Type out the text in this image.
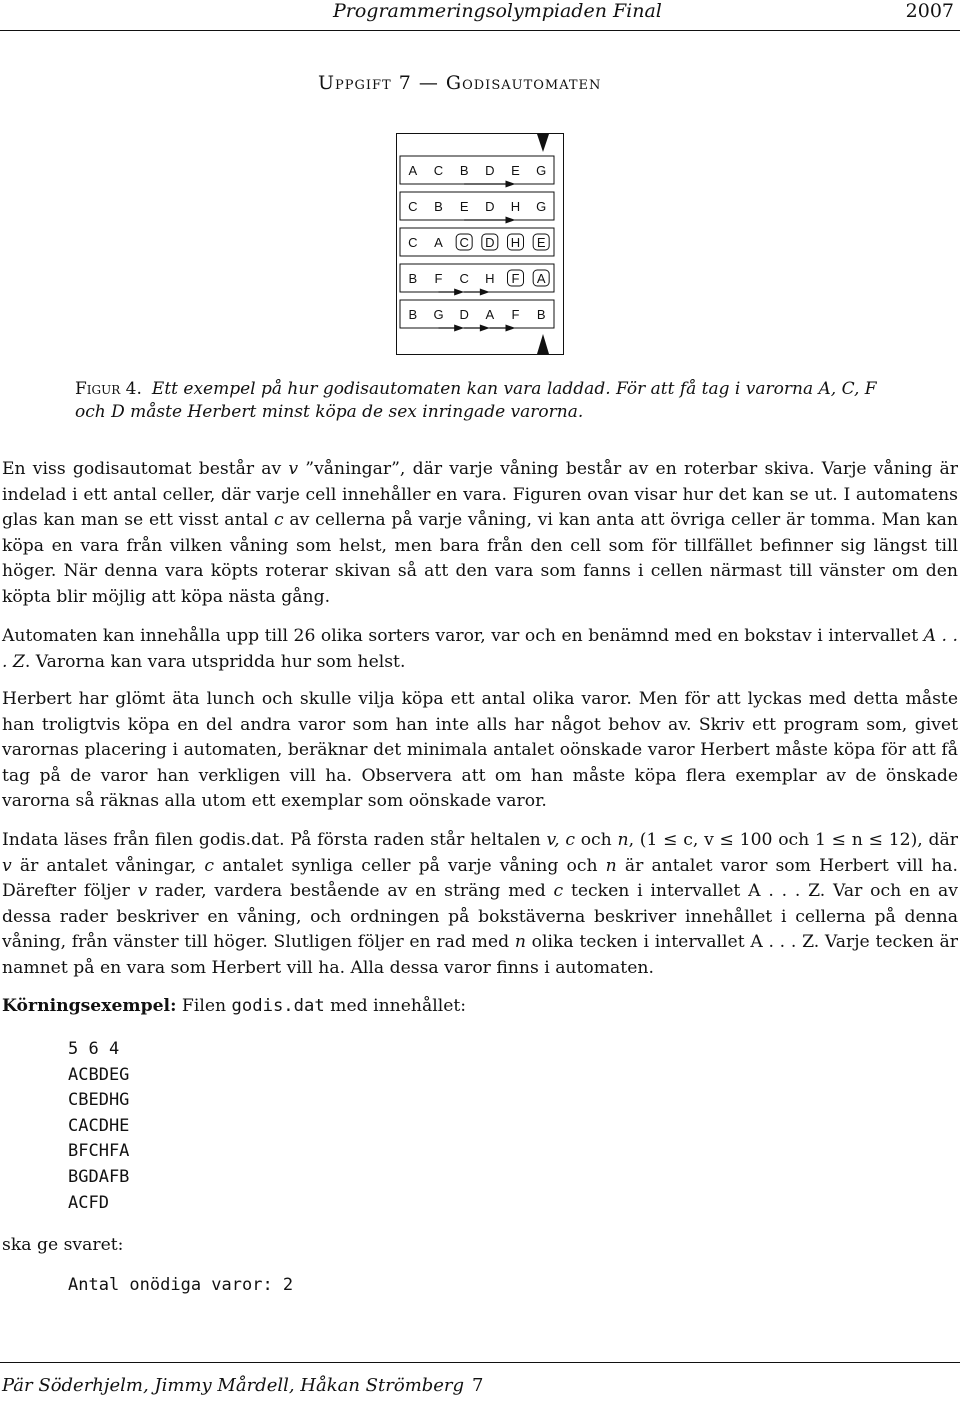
Programmeringsolympiaden Final	2007
Uppgift 7 — Godisautomaten
A C B D E G
C B E D H G
C A C D H E
B F C H F A
B G D A F B
Figur 4. Ett exempel på hur godisautomaten kan vara laddad. För att få tag i varorna A, C, F och D måste Herbert minst köpa de sex inringade varorna.
En viss godisautomat består av v ”våningar”, där varje våning består av en roterbar skiva. Varje våning är indelad i ett antal celler, där varje cell innehåller en vara. Figuren ovan visar hur det kan se ut. I automatens glas kan man se ett visst antal c av cellerna på varje våning, vi kan anta att övriga celler är tomma. Man kan köpa en vara från vilken våning som helst, men bara från den cell som för tillfället befinner sig längst till höger. När denna vara köpts roterar skivan så att den vara som fanns i cellen närmast till vänster om den köpta blir möjlig att köpa nästa gång.
Automaten kan innehålla upp till 26 olika sorters varor, var och en benämnd med en bokstav i intervallet A . . . Z. Varorna kan vara utspridda hur som helst.
Herbert har glömt äta lunch och skulle vilja köpa ett antal olika varor. Men för att lyckas med detta måste han troligtvis köpa en del andra varor som han inte alls har något behov av. Skriv ett program som, givet varornas placering i automaten, beräknar det minimala antalet oönskade varor Herbert måste köpa för att få tag på de varor han verkligen vill ha. Observera att om han måste köpa flera exemplar av de önskade varorna så räknas alla utom ett exemplar som oönskade varor.
Indata läses från filen godis.dat. På första raden står heltalen v, c och n, (1 ≤ c, v ≤ 100 och 1 ≤ n ≤ 12), där v är antalet våningar, c antalet synliga celler på varje våning och n är antalet varor som Herbert vill ha. Därefter följer v rader, vardera bestående av en sträng med c tecken i intervallet A . . . Z. Var och en av dessa rader beskriver en våning, och ordningen på bokstäverna beskriver innehållet i cellerna på denna våning, från vänster till höger. Slutligen följer en rad med n olika tecken i intervallet A . . . Z. Varje tecken är namnet på en vara som Herbert vill ha. Alla dessa varor finns i automaten.
Körningsexempel: Filen godis.dat med innehållet:
5 6 4
ACBDEG
CBEDHG
CACDHE
BFCHFA
BGDAFB
ACFD
ska ge svaret:
Antal onödiga varor: 2
Pär Söderhjelm, Jimmy Mårdell, Håkan Strömberg 7
